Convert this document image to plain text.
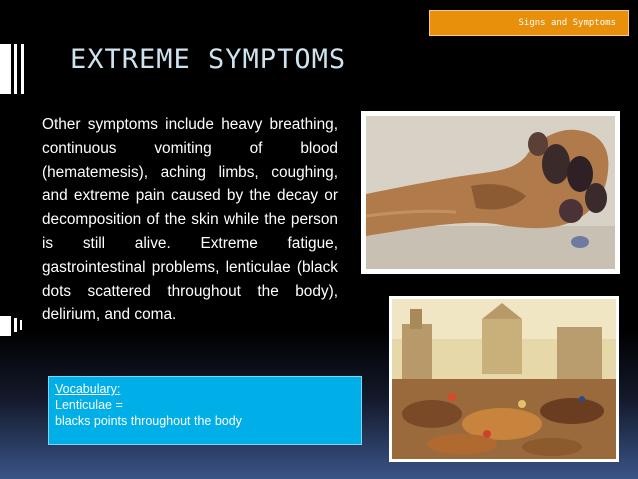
Signs and Symptoms
EXTREME SYMPTOMS

Other symptoms include heavy breathing, continuous vomiting of blood (hematemesis), aching limbs, coughing, and extreme pain caused by the decay or decomposition of the skin while the person is still alive. Extreme fatigue, gastrointestinal problems, lenticulae (black dots scattered throughout the body), delirium, and coma.

Vocabulary:
Lenticulae =
blacks points throughout the body
